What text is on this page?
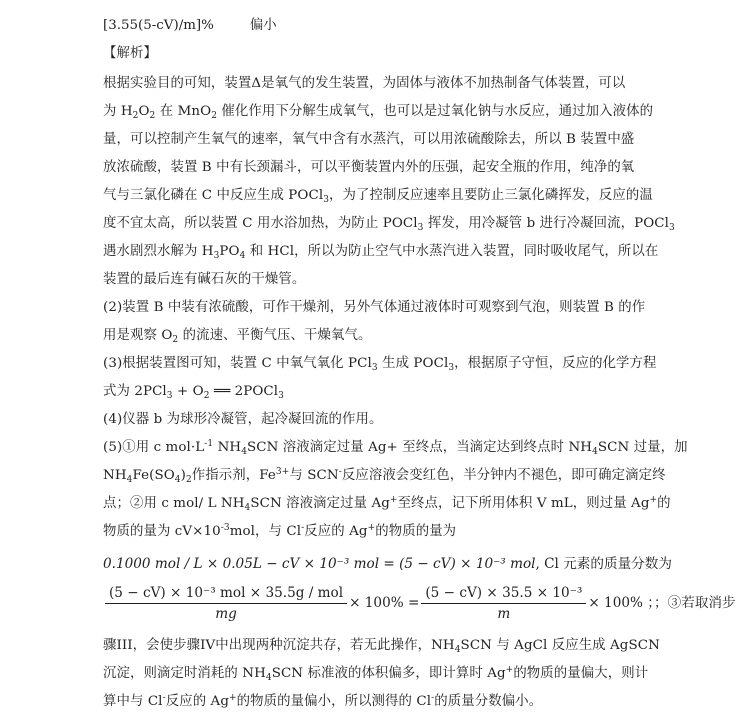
[3.55(5-cV)/m]%	偏小
【解析】
根据实验目的可知，装置Δ是氧气的发生装置，为固体与液体不加热制备气体装置，可以
为 $H_2O_2$ 在 MnO$_2$ 催化作用下分解生成氧气，也可以是过氧化钠与水反应，通过加入液体的
量，可以控制产生氧气的速率，氧气中含有水蒸汽，可以用浓硫酸除去，所以 B 装置中盛
放浓硫酸，装置 B 中有长颈漏斗，可以平衡装置内外的压强，起安全瓶的作用，纯净的氧
气与三氯化磷在 C 中反应生成 POCl$_3$，为了控制反应速率且要防止三氯化磷挥发，反应的温
度不宜太高，所以装置 C 用水浴加热，为防止 POCl$_3$ 挥发，用冷凝管 b 进行冷凝回流，POCl$_3$
遇水剧烈水解为 $H_3PO_4$ 和 HCl，所以为防止空气中水蒸汽进入装置，同时吸收尾气，所以在
装置的最后连有碱石灰的干燥管。
(2)装置 B 中装有浓硫酸，可作干燥剂，另外气体通过液体时可观察到气泡，则装置 B 的作
用是观察 $O_2$ 的流速、平衡气压、干燥氧气。
(3)根据装置图可知，装置 C 中氧气氧化 PCl$_3$ 生成 POCl$_3$，根据原子守恒，反应的化学方程
式为 $2PCl_3 + O_2$ ══ 2POCl$_3$
(4)仪器 b 为球形冷凝管，起冷凝回流的作用。
(5)①用 c $mol\cdot L^{-1}$ $NH_4SCN$ 溶液滴定过量 Ag+ 至终点，当滴定达到终点时 $NH_4SCN$ 过量，加
$NH_4Fe(SO_4)_2$作指示剂，$Fe^{3+}$与 SCN-反应溶液会变红色，半分钟内不褪色，即可确定滴定终
点；②用 c mol/ L $NH_4SCN$ 溶液滴定过量 Ag+至终点，记下所用体积 V mL，则过量 Ag+的
物质的量为 $cV\times 10^{-3}mol$，与 Cl-反应的 Ag+的物质的量为
0.1000 mol / L × 0.05L − cV × 10⁻³ mol = (5 − cV) × 10⁻³ mol, Cl 元素的质量分数为
$\frac{\text{(5 − cV) × 10⁻³ mol × 35.5g / mol}}{mg} \times 100\% = \frac{\text{(5 − cV) × 35.5 × 10⁻³}}{m} \times 100\%$ ；；③若取消步
骤III，会使步骤IV中出现两种沉淀共存，若无此操作，$NH_4SCN$ 与 AgCl 反应生成 AgSCN
沉淀，则滴定时消耗的 $NH_4SCN$ 标准液的体积偏多，即计算时 Ag+的物质的量偏大，则计
算中与 Cl-反应的 Ag+的物质的量偏小，所以测得的 Cl-的质量分数偏小。
